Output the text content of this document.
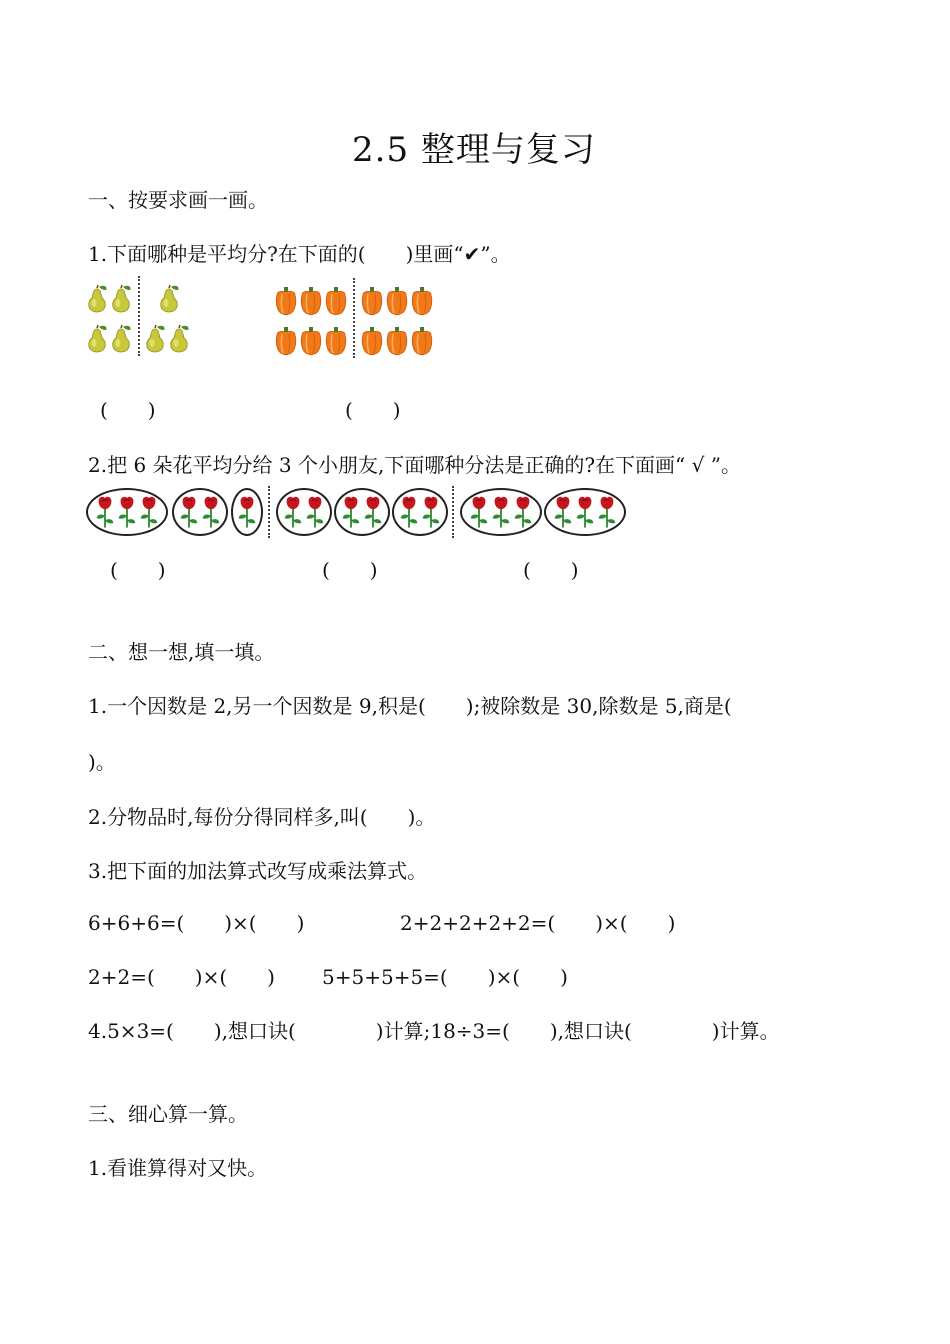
2.5 整理与复习
一、按要求画一画。
1.下面哪种是平均分?在下面的(　　)里画“✔”。
(　　)	(　　)
2.把 6 朵花平均分给 3 个小朋友,下面哪种分法是正确的?在下面画“ √ ”。
(　　)	(　　)	(　　)
二、想一想,填一填。
1.一个因数是 2,另一个因数是 9,积是(　　);被除数是 30,除数是 5,商是(
)。
2.分物品时,每份分得同样多,叫(　　)。
3.把下面的加法算式改写成乘法算式。
6+6+6=(　　)×(　　)	2+2+2+2+2=(　　)×(　　)
2+2=(　　)×(　　) 5+5+5+5=(　　)×(　　)
4.5×3=(　　),想口诀(　　　　)计算;18÷3=(　　),想口诀(　　　　)计算。
三、细心算一算。
1.看谁算得对又快。
